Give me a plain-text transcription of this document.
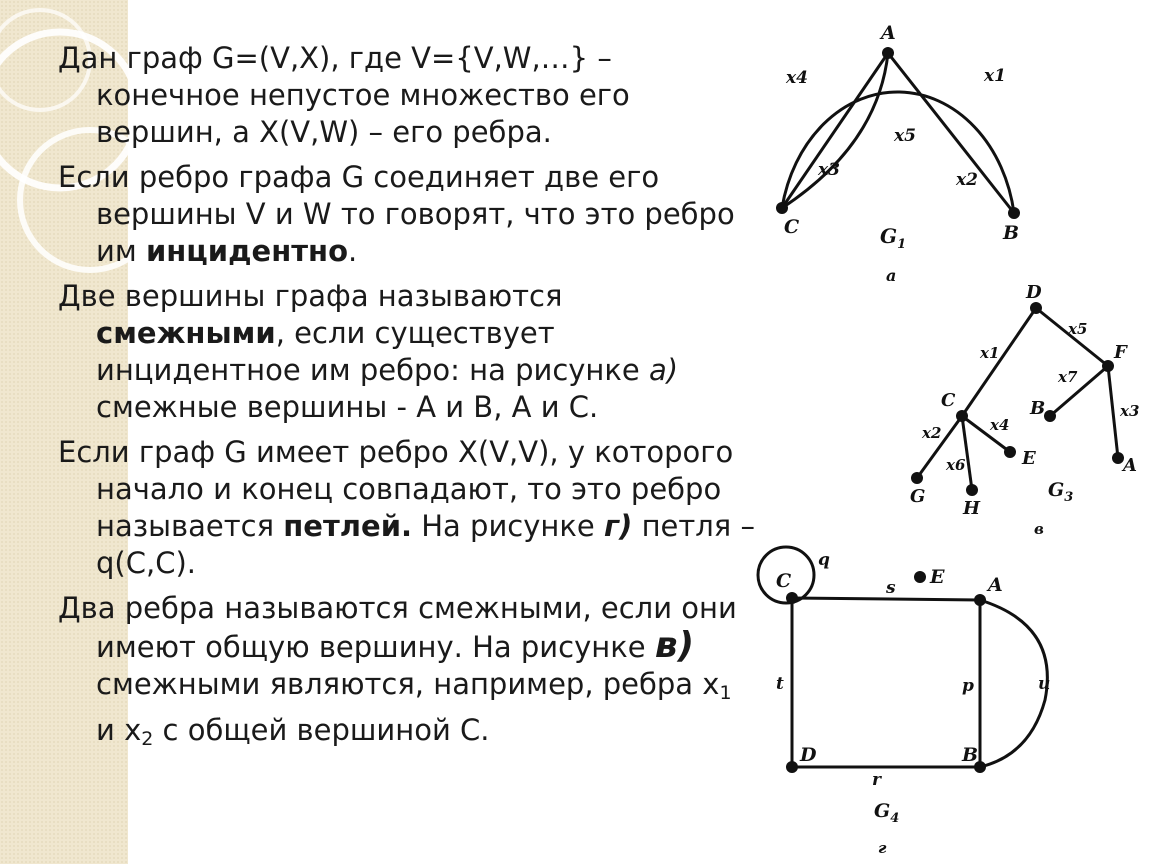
Дан граф G=(V,X), где V={V,W,…} – конечное непустое множество его вершин, а X(V,W) – его ребра.

Если ребро графа G соединяет две его вершины V и W то говорят, что это ребро им инцидентно.

Две вершины графа называются смежными, если существует инцидентное им ребро: на рисунке а) смежные вершины - A и B, A и C.

Если граф G имеет ребро X(V,V), у которого начало и конец совпадают, то это ребро называется петлей. На рисунке г) петля – q(C,C).

Два ребра называются смежными, если они имеют общую вершину. На рисунке в) смежными являются, например, ребра $x_1$ и $x_2$ с общей вершиной С.

A
C	B
x4	x1
x5
x3	x2
$G_1$
а
D
F
B
A
C
G
H
E
x1
x5
x7
x3
x2
x6
x4
$G_3$
в
C	A
D	B
E
q
s
t	p	u
r
$G_4$
г
